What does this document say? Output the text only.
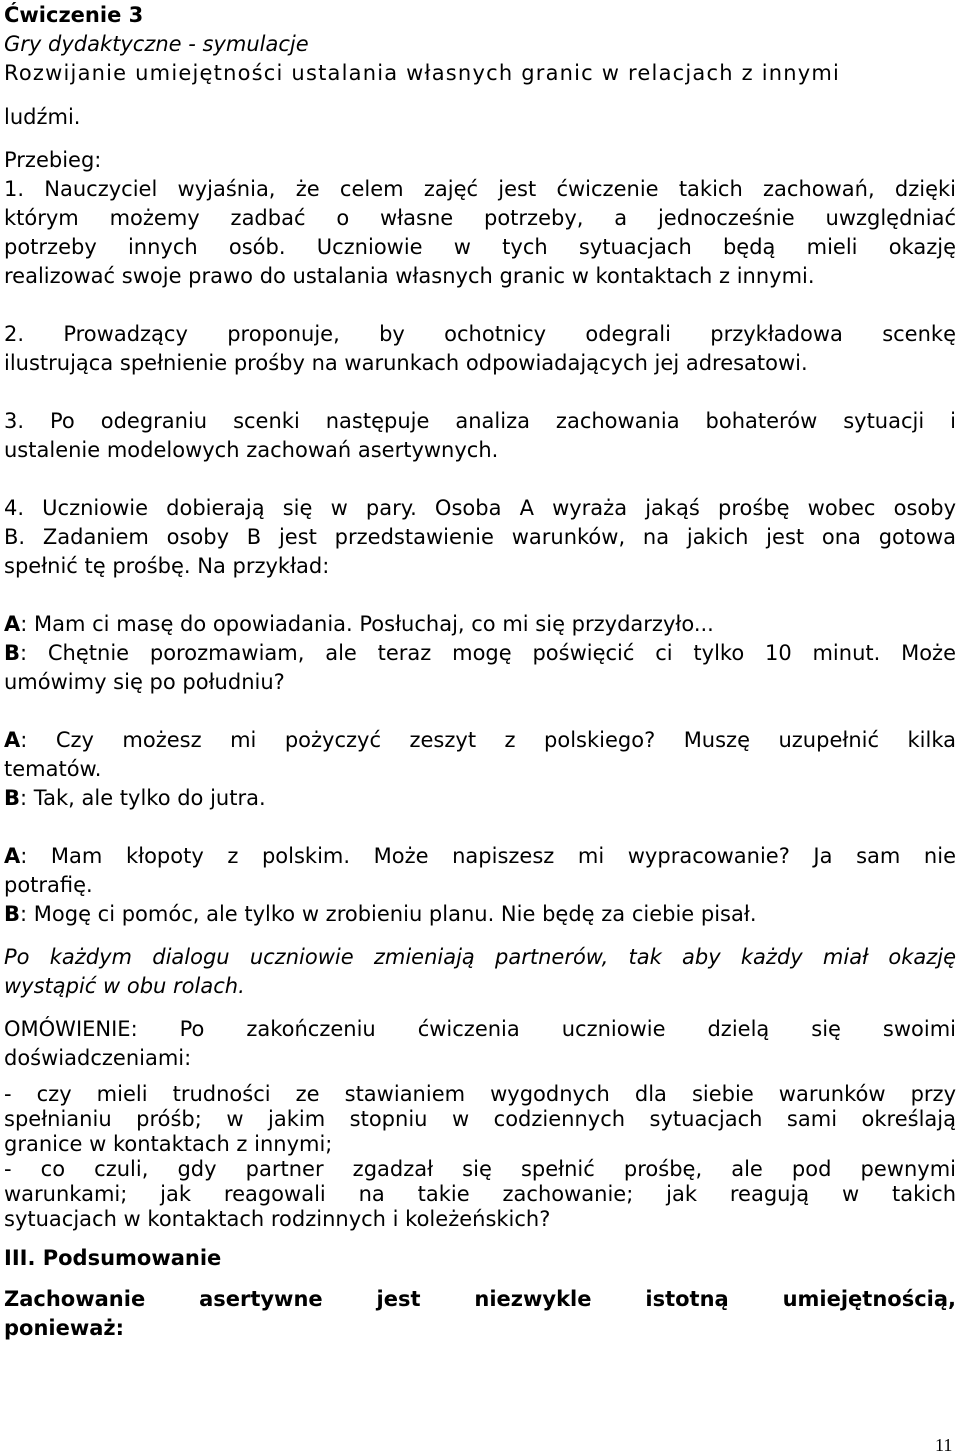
Ćwiczenie 3
Gry dydaktyczne - symulacje
Rozwijanie umiejętności ustalania własnych granic w relacjach z innymi
ludźmi.
Przebieg:
1. Nauczyciel wyjaśnia, że celem zajęć jest ćwiczenie takich zachowań, dzięki
którym możemy zadbać o własne potrzeby, a jednocześnie uwzględniać
potrzeby innych osób. Uczniowie w tych sytuacjach będą mieli okazję
realizować swoje prawo do ustalania własnych granic w kontaktach z innymi.
2. Prowadzący proponuje, by ochotnicy odegrali przykładowa scenkę
ilustrująca spełnienie prośby na warunkach odpowiadających jej adresatowi.
3. Po odegraniu scenki następuje analiza zachowania bohaterów sytuacji i
ustalenie modelowych zachowań asertywnych.
4. Uczniowie dobierają się w pary. Osoba A wyraża jakąś prośbę wobec osoby
B. Zadaniem osoby B jest przedstawienie warunków, na jakich jest ona gotowa
spełnić tę prośbę. Na przykład:
A: Mam ci masę do opowiadania. Posłuchaj, co mi się przydarzyło...
B: Chętnie porozmawiam, ale teraz mogę poświęcić ci tylko 10 minut. Może
umówimy się po południu?
A: Czy możesz mi pożyczyć zeszyt z polskiego? Muszę uzupełnić kilka
tematów.
B: Tak, ale tylko do jutra.
A: Mam kłopoty z polskim. Może napiszesz mi wypracowanie? Ja sam nie
potrafię.
B: Mogę ci pomóc, ale tylko w zrobieniu planu. Nie będę za ciebie pisał.
Po każdym dialogu uczniowie zmieniają partnerów, tak aby każdy miał okazję
wystąpić w obu rolach.
OMÓWIENIE: Po zakończeniu ćwiczenia uczniowie dzielą się swoimi
doświadczeniami:
- czy mieli trudności ze stawianiem wygodnych dla siebie warunków przy
spełnianiu próśb; w jakim stopniu w codziennych sytuacjach sami określają
granice w kontaktach z innymi;
- co czuli, gdy partner zgadzał się spełnić prośbę, ale pod pewnymi
warunkami; jak reagowali na takie zachowanie; jak reagują w takich
sytuacjach w kontaktach rodzinnych i koleżeńskich?
III. Podsumowanie
Zachowanie asertywne jest niezwykle istotną umiejętnością,
ponieważ:
11
